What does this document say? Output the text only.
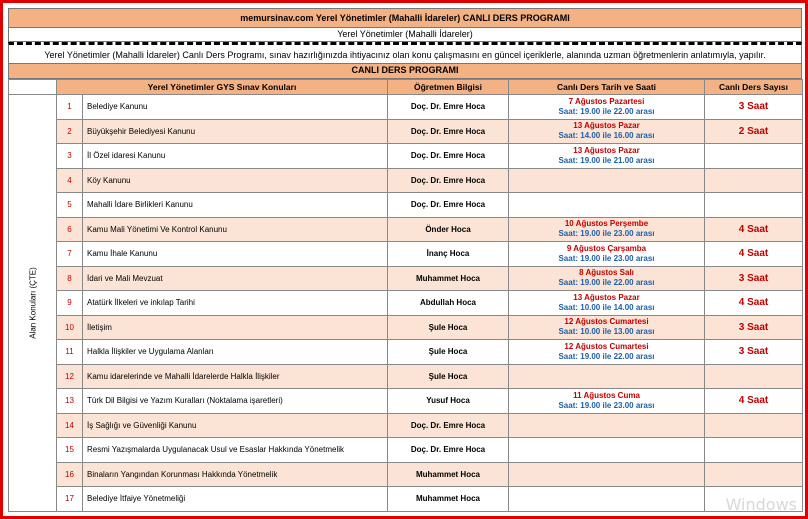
memursinav.com Yerel Yönetimler (Mahalli İdareler) CANLI DERS PROGRAMI
Yerel Yönetimler (Mahalli İdareler)
Yerel Yönetimler (Mahalli İdareler) Canlı Ders Programı, sınav hazırlığınızda ihtiyacınız olan konu çalışmasını en güncel içeriklerle, alanında uzman öğretmenlerin anlatımıyla, yapılır.
CANLI DERS PROGRAMI
	Yerel Yönetimler GYS Sınav Konuları		Öğretmen Bilgisi	Canlı Ders Tarih ve Saati	Canlı Ders Sayısı

Alan Konuları (ÇTE)	1	Belediye Kanunu	Doç. Dr. Emre Hoca	7 Ağustos Pazartesi
Saat: 19.00 ile 22.00 arası	3 Saat
	2	Büyükşehir Belediyesi Kanunu	Doç. Dr. Emre Hoca	13 Ağustos Pazar
Saat: 14.00 ile 16.00 arası	2 Saat
	3	İl Özel idaresi Kanunu	Doç. Dr. Emre Hoca	13 Ağustos Pazar
Saat: 19.00 ile 21.00 arası	

	4	Köy Kanunu	Doç. Dr. Emre Hoca	

	5	Mahalli İdare Birlikleri Kanunu	Doç. Dr. Emre Hoca	

	6	Kamu Mali Yönetimi Ve Kontrol Kanunu	Önder Hoca	10 Ağustos Perşembe
Saat: 19.00 ile 23.00 arası	4 Saat
	7	Kamu İhale Kanunu	İnanç Hoca	9 Ağustos Çarşamba
Saat: 19.00 ile 23.00 arası	4 Saat
	8	İdari ve Mali Mevzuat	Muhammet Hoca	8 Ağustos Salı
Saat: 19.00 ile 22.00 arası	3 Saat
	9	Atatürk İlkeleri ve inkılap Tarihi	Abdullah Hoca	13 Ağustos Pazar
Saat: 10.00 ile 14.00 arası	4 Saat
	10	İletişim	Şule Hoca	12 Ağustos Cumartesi
Saat: 10.00 ile 13.00 arası	3 Saat
	11	Halkla İlişkiler ve Uygulama Alanları	Şule Hoca	12 Ağustos Cumartesi
Saat: 19.00 ile 22.00 arası	3 Saat
	12	Kamu idarelerinde ve Mahalli İdarelerde Halkla İlişkiler	Şule Hoca	

	13	Türk Dil Bilgisi ve Yazım Kuralları (Noktalama işaretleri)	Yusuf Hoca	11 Ağustos Cuma
Saat: 19.00 ile 23.00 arası	4 Saat
	14	İş Sağlığı ve Güvenliği Kanunu	Doç. Dr. Emre Hoca	

	15	Resmi Yazışmalarda Uygulanacak Usul ve Esaslar Hakkında Yönetmelik	Doç. Dr. Emre Hoca	

	16	Binaların Yangından Korunması Hakkında Yönetmelik	Muhammet Hoca	

	17	Belediye İtfaiye Yönetmeliği	Muhammet Hoca	
		Windows
